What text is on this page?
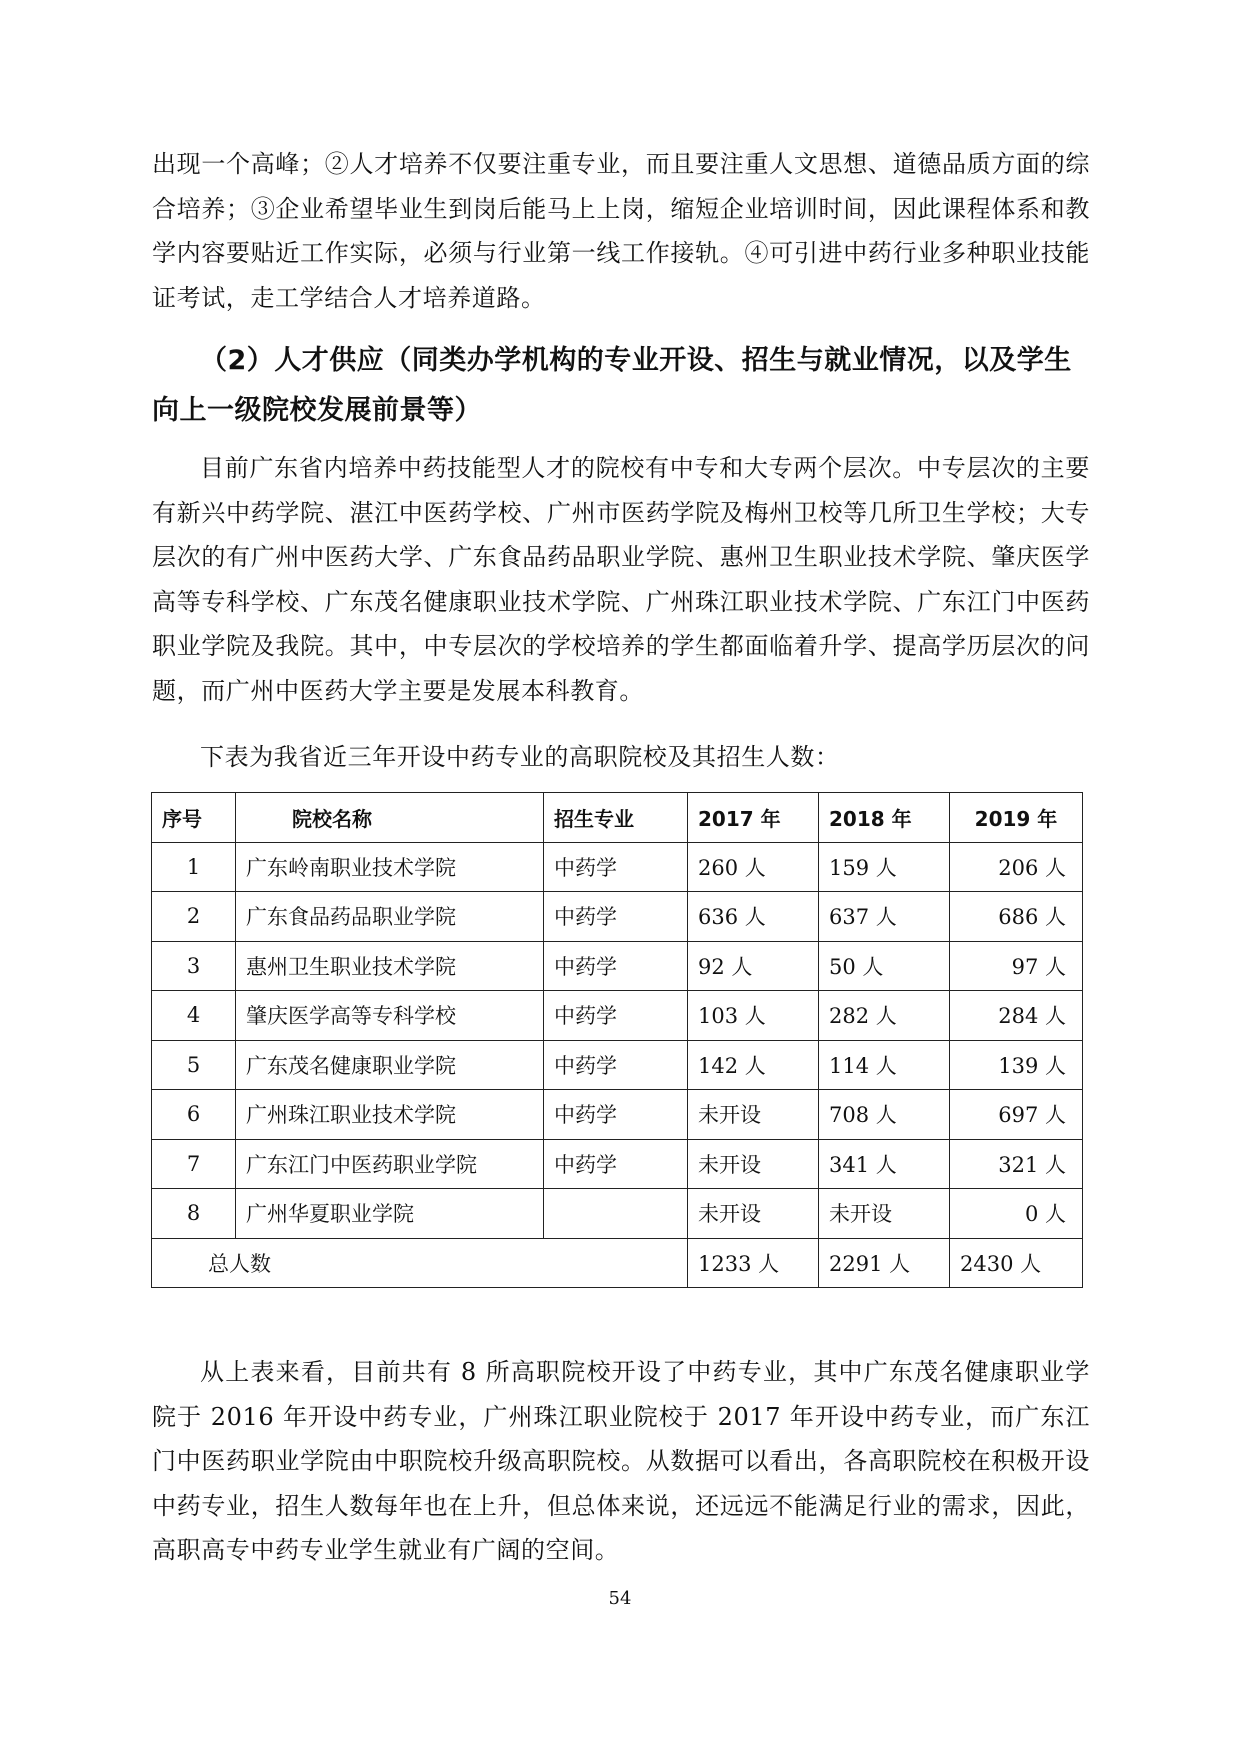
出现一个高峰；②人才培养不仅要注重专业，而且要注重人文思想、道德品质方面的综合培养；③企业希望毕业生到岗后能马上上岗，缩短企业培训时间，因此课程体系和教学内容要贴近工作实际，必须与行业第一线工作接轨。④可引进中药行业多种职业技能证考试，走工学结合人才培养道路。

（2）人才供应（同类办学机构的专业开设、招生与就业情况，以及学生向上一级院校发展前景等）

目前广东省内培养中药技能型人才的院校有中专和大专两个层次。中专层次的主要有新兴中药学院、湛江中医药学校、广州市医药学院及梅州卫校等几所卫生学校；大专层次的有广州中医药大学、广东食品药品职业学院、惠州卫生职业技术学院、肇庆医学高等专科学校、广东茂名健康职业技术学院、广州珠江职业技术学院、广东江门中医药职业学院及我院。其中，中专层次的学校培养的学生都面临着升学、提高学历层次的问题，而广州中医药大学主要是发展本科教育。

下表为我省近三年开设中药专业的高职院校及其招生人数：

序号	院校名称	招生专业	2017 年	2018 年	2019 年
1	广东岭南职业技术学院	中药学	260 人	159 人	206 人
2	广东食品药品职业学院	中药学	636 人	637 人	686 人
3	惠州卫生职业技术学院	中药学	92 人	50 人	97 人
4	肇庆医学高等专科学校	中药学	103 人	282 人	284 人
5	广东茂名健康职业学院	中药学	142 人	114 人	139 人
6	广州珠江职业技术学院	中药学	未开设	708 人	697 人
7	广东江门中医药职业学院	中药学	未开设	341 人	321 人
8	广州华夏职业学院		未开设	未开设	0 人
总人数			1233 人	2291 人	2430 人

从上表来看，目前共有 8 所高职院校开设了中药专业，其中广东茂名健康职业学院于 2016 年开设中药专业，广州珠江职业院校于 2017 年开设中药专业，而广东江门中医药职业学院由中职院校升级高职院校。从数据可以看出，各高职院校在积极开设中药专业，招生人数每年也在上升，但总体来说，还远远不能满足行业的需求，因此，高职高专中药专业学生就业有广阔的空间。

54
